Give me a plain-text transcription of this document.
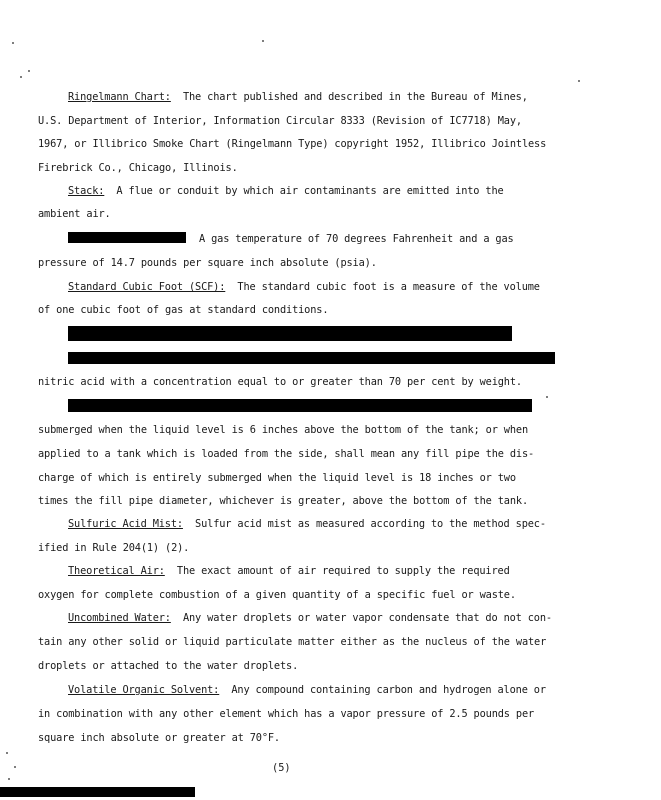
Ringelmann Chart: The chart published and described in the Bureau of Mines,
U.S. Department of Interior, Information Circular 8333 (Revision of IC7718) May,
1967, or Illibrico Smoke Chart (Ringelmann Type) copyright 1952, Illibrico Jointless
Firebrick Co., Chicago, Illinois.
Stack: A flue or conduit by which air contaminants are emitted into the
ambient air.
A gas temperature of 70 degrees Fahrenheit and a gas
pressure of 14.7 pounds per square inch absolute (psia).
Standard Cubic Foot (SCF): The standard cubic foot is a measure of the volume
of one cubic foot of gas at standard conditions.
nitric acid with a concentration equal to or greater than 70 per cent by weight.
submerged when the liquid level is 6 inches above the bottom of the tank; or when
applied to a tank which is loaded from the side, shall mean any fill pipe the dis-
charge of which is entirely submerged when the liquid level is 18 inches or two
times the fill pipe diameter, whichever is greater, above the bottom of the tank.
Sulfuric Acid Mist: Sulfur acid mist as measured according to the method spec-
ified in Rule 204(1) (2).
Theoretical Air: The exact amount of air required to supply the required
oxygen for complete combustion of a given quantity of a specific fuel or waste.
Uncombined Water: Any water droplets or water vapor condensate that do not con-
tain any other solid or liquid particulate matter either as the nucleus of the water
droplets or attached to the water droplets.
Volatile Organic Solvent: Any compound containing carbon and hydrogen alone or
in combination with any other element which has a vapor pressure of 2.5 pounds per
square inch absolute or greater at 70°F.
(5)
